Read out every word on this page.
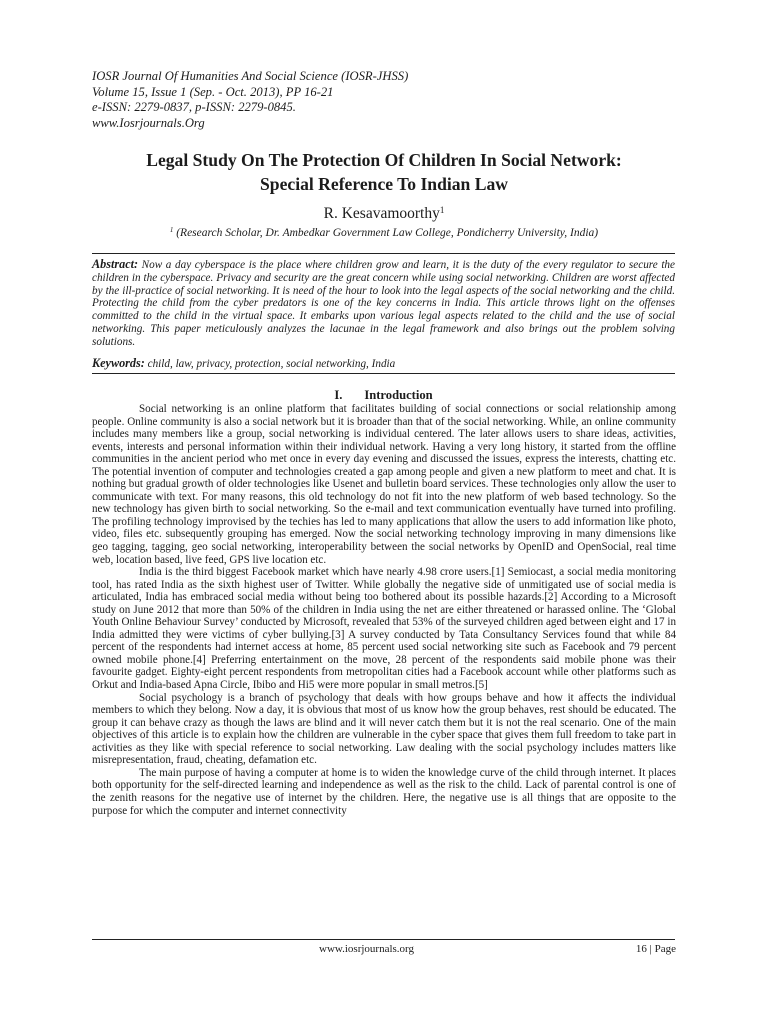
IOSR Journal Of Humanities And Social Science (IOSR-JHSS)
Volume 15, Issue 1 (Sep. - Oct. 2013), PP 16-21
e-ISSN: 2279-0837, p-ISSN: 2279-0845.
www.Iosrjournals.Org
Legal Study On The Protection Of Children In Social Network:
Special Reference To Indian Law
R. Kesavamoorthy$^1$
$^1$ (Research Scholar, Dr. Ambedkar Government Law College, Pondicherry University, India)
Abstract: Now a day cyberspace is the place where children grow and learn, it is the duty of the every regulator to secure the children in the cyberspace. Privacy and security are the great concern while using social networking. Children are worst affected by the ill-practice of social networking. It is need of the hour to look into the legal aspects of the social networking and the child. Protecting the child from the cyber predators is one of the key concerns in India. This article throws light on the offenses committed to the child in the virtual space. It embarks upon various legal aspects related to the child and the use of social networking. This paper meticulously analyzes the lacunae in the legal framework and also brings out the problem solving solutions.
Keywords: child, law, privacy, protection, social networking, India
I. Introduction

Social networking is an online platform that facilitates building of social connections or social relationship among people. Online community is also a social network but it is broader than that of the social networking. While, an online community includes many members like a group, social networking is individual centered. The later allows users to share ideas, activities, events, interests and personal information within their individual network. Having a very long history, it started from the offline communities in the ancient period who met once in every day evening and discussed the issues, express the interests, chatting etc. The potential invention of computer and technologies created a gap among people and given a new platform to meet and chat. It is nothing but gradual growth of older technologies like Usenet and bulletin board services. These technologies only allow the user to communicate with text. For many reasons, this old technology do not fit into the new platform of web based technology. So the new technology has given birth to social networking. So the e-mail and text communication eventually have turned into profiling. The profiling technology improvised by the techies has led to many applications that allow the users to add information like photo, video, files etc. subsequently grouping has emerged. Now the social networking technology improving in many dimensions like geo tagging, tagging, geo social networking, interoperability between the social networks by OpenID and OpenSocial, real time web, location based, live feed, GPS live location etc.

India is the third biggest Facebook market which have nearly 4.98 crore users.[1] Semiocast, a social media monitoring tool, has rated India as the sixth highest user of Twitter. While globally the negative side of unmitigated use of social media is articulated, India has embraced social media without being too bothered about its possible hazards.[2] According to a Microsoft study on June 2012 that more than 50% of the children in India using the net are either threatened or harassed online. The ‘Global Youth Online Behaviour Survey’ conducted by Microsoft, revealed that 53% of the surveyed children aged between eight and 17 in India admitted they were victims of cyber bullying.[3] A survey conducted by Tata Consultancy Services found that while 84 percent of the respondents had internet access at home, 85 percent used social networking site such as Facebook and 79 percent owned mobile phone.[4] Preferring entertainment on the move, 28 percent of the respondents said mobile phone was their favourite gadget. Eighty-eight percent respondents from metropolitan cities had a Facebook account while other platforms such as Orkut and India-based Apna Circle, Ibibo and Hi5 were more popular in small metros.[5]

Social psychology is a branch of psychology that deals with how groups behave and how it affects the individual members to which they belong. Now a day, it is obvious that most of us know how the group behaves, rest should be educated. The group it can behave crazy as though the laws are blind and it will never catch them but it is not the real scenario. One of the main objectives of this article is to explain how the children are vulnerable in the cyber space that gives them full freedom to take part in activities as they like with special reference to social networking. Law dealing with the social psychology includes matters like misrepresentation, fraud, cheating, defamation etc.

The main purpose of having a computer at home is to widen the knowledge curve of the child through internet. It places both opportunity for the self-directed learning and independence as well as the risk to the child. Lack of parental control is one of the zenith reasons for the negative use of internet by the children. Here, the negative use is all things that are opposite to the purpose for which the computer and internet connectivity

www.iosrjournals.org	16 | Page
